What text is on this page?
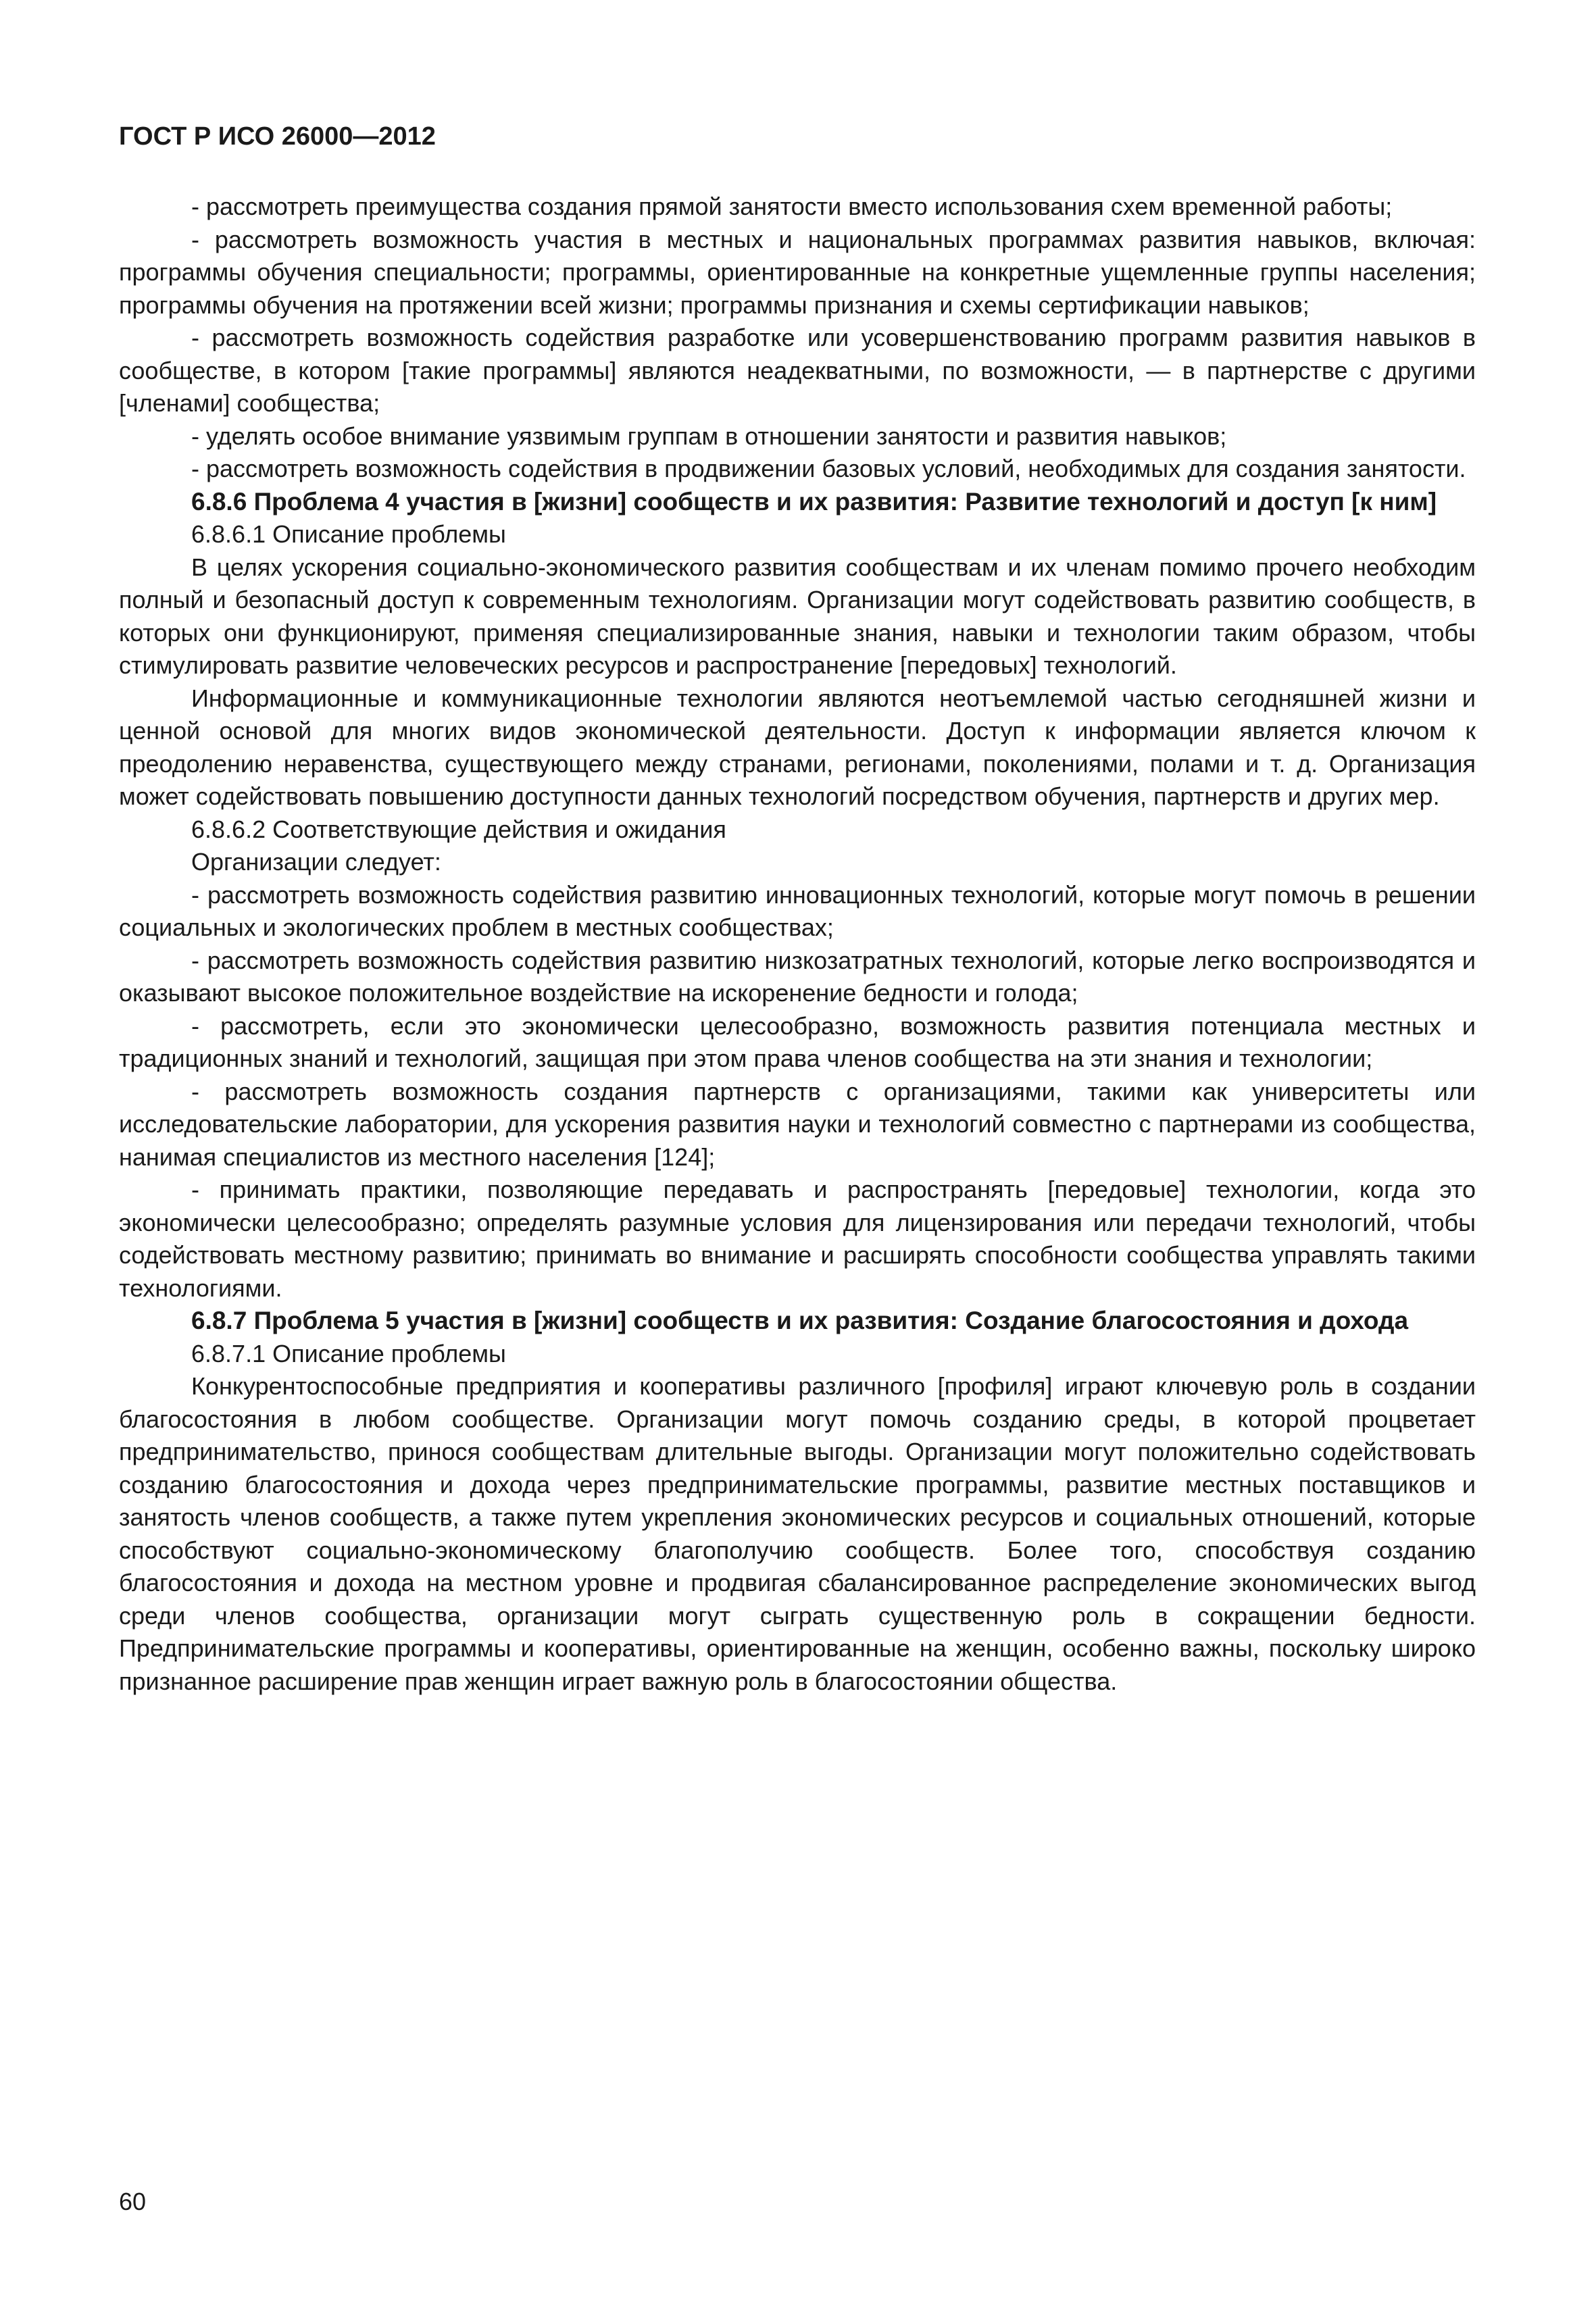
ГОСТ Р ИСО 26000—2012

- рассмотреть преимущества создания прямой занятости вместо использования схем временной работы;

- рассмотреть возможность участия в местных и национальных программах развития навыков, включая: программы обучения специальности; программы, ориентированные на конкретные ущемленные группы населения; программы обучения на протяжении всей жизни; программы признания и схемы сертификации навыков;

- рассмотреть возможность содействия разработке или усовершенствованию программ развития навыков в сообществе, в котором [такие программы] являются неадекватными, по возможности, — в партнерстве с другими [членами] сообщества;

- уделять особое внимание уязвимым группам в отношении занятости и развития навыков;

- рассмотреть возможность содействия в продвижении базовых условий, необходимых для создания занятости.

6.8.6 Проблема 4 участия в [жизни] сообществ и их развития: Развитие технологий и доступ [к ним]

6.8.6.1 Описание проблемы

В целях ускорения социально-экономического развития сообществам и их членам помимо прочего необходим полный и безопасный доступ к современным технологиям. Организации могут содействовать развитию сообществ, в которых они функционируют, применяя специализированные знания, навыки и технологии таким образом, чтобы стимулировать развитие человеческих ресурсов и распространение [передовых] технологий.

Информационные и коммуникационные технологии являются неотъемлемой частью сегодняшней жизни и ценной основой для многих видов экономической деятельности. Доступ к информации является ключом к преодолению неравенства, существующего между странами, регионами, поколениями, полами и т. д. Организация может содействовать повышению доступности данных технологий посредством обучения, партнерств и других мер.

6.8.6.2 Соответствующие действия и ожидания

Организации следует:

- рассмотреть возможность содействия развитию инновационных технологий, которые могут помочь в решении социальных и экологических проблем в местных сообществах;

- рассмотреть возможность содействия развитию низкозатратных технологий, которые легко воспроизводятся и оказывают высокое положительное воздействие на искоренение бедности и голода;

- рассмотреть, если это экономически целесообразно, возможность развития потенциала местных и традиционных знаний и технологий, защищая при этом права членов сообщества на эти знания и технологии;

- рассмотреть возможность создания партнерств с организациями, такими как университеты или исследовательские лаборатории, для ускорения развития науки и технологий совместно с партнерами из сообщества, нанимая специалистов из местного населения [124];

- принимать практики, позволяющие передавать и распространять [передовые] технологии, когда это экономически целесообразно; определять разумные условия для лицензирования или передачи технологий, чтобы содействовать местному развитию; принимать во внимание и расширять способности сообщества управлять такими технологиями.

6.8.7 Проблема 5 участия в [жизни] сообществ и их развития: Создание благосостояния и дохода

6.8.7.1 Описание проблемы

Конкурентоспособные предприятия и кооперативы различного [профиля] играют ключевую роль в создании благосостояния в любом сообществе. Организации могут помочь созданию среды, в которой процветает предпринимательство, принося сообществам длительные выгоды. Организации могут положительно содействовать созданию благосостояния и дохода через предпринимательские программы, развитие местных поставщиков и занятость членов сообществ, а также путем укрепления экономических ресурсов и социальных отношений, которые способствуют социально-экономическому благополучию сообществ. Более того, способствуя созданию благосостояния и дохода на местном уровне и продвигая сбалансированное распределение экономических выгод среди членов сообщества, организации могут сыграть существенную роль в сокращении бедности. Предпринимательские программы и кооперативы, ориентированные на женщин, особенно важны, поскольку широко признанное расширение прав женщин играет важную роль в благосостоянии общества.

60
